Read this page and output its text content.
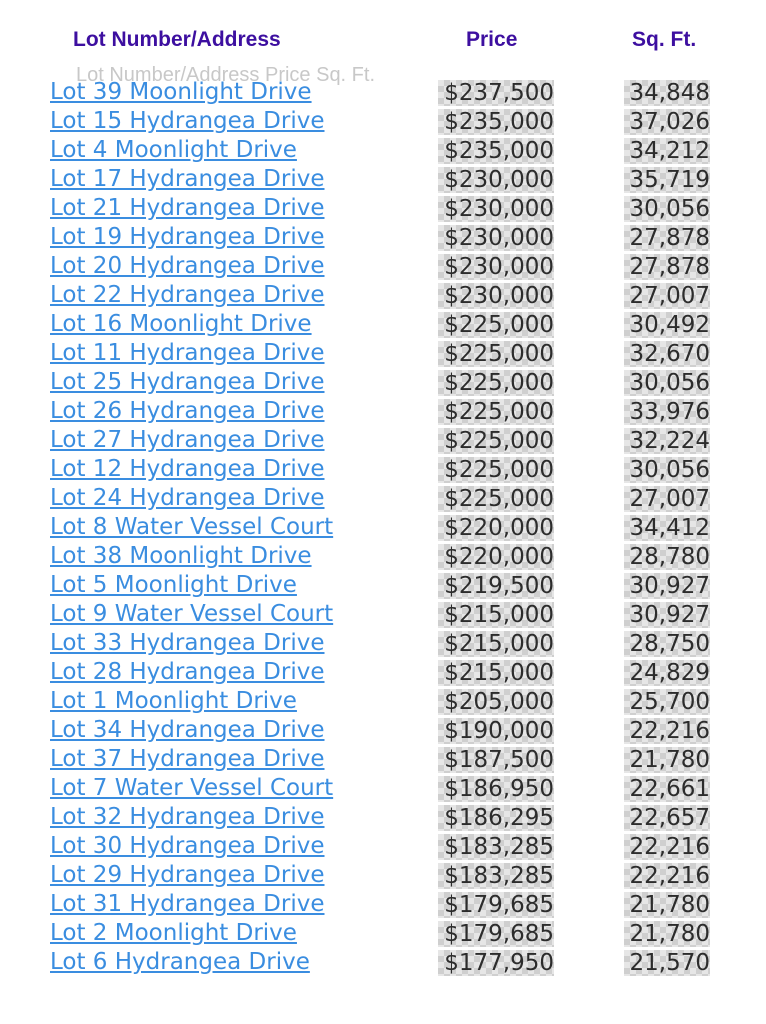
Lot Number/Address	Price	Sq. Ft.
Lot Number/Address Price Sq. Ft.
Lot 39 Moonlight Drive	$237,500	34,848
Lot 15 Hydrangea Drive	$235,000	37,026
Lot 4 Moonlight Drive	$235,000	34,212
Lot 17 Hydrangea Drive	$230,000	35,719
Lot 21 Hydrangea Drive	$230,000	30,056
Lot 19 Hydrangea Drive	$230,000	27,878
Lot 20 Hydrangea Drive	$230,000	27,878
Lot 22 Hydrangea Drive	$230,000	27,007
Lot 16 Moonlight Drive	$225,000	30,492
Lot 11 Hydrangea Drive	$225,000	32,670
Lot 25 Hydrangea Drive	$225,000	30,056
Lot 26 Hydrangea Drive	$225,000	33,976
Lot 27 Hydrangea Drive	$225,000	32,224
Lot 12 Hydrangea Drive	$225,000	30,056
Lot 24 Hydrangea Drive	$225,000	27,007
Lot 8 Water Vessel Court	$220,000	34,412
Lot 38 Moonlight Drive	$220,000	28,780
Lot 5 Moonlight Drive	$219,500	30,927
Lot 9 Water Vessel Court	$215,000	30,927
Lot 33 Hydrangea Drive	$215,000	28,750
Lot 28 Hydrangea Drive	$215,000	24,829
Lot 1 Moonlight Drive	$205,000	25,700
Lot 34 Hydrangea Drive	$190,000	22,216
Lot 37 Hydrangea Drive	$187,500	21,780
Lot 7 Water Vessel Court	$186,950	22,661
Lot 32 Hydrangea Drive	$186,295	22,657
Lot 30 Hydrangea Drive	$183,285	22,216
Lot 29 Hydrangea Drive	$183,285	22,216
Lot 31 Hydrangea Drive	$179,685	21,780
Lot 2 Moonlight Drive	$179,685	21,780
Lot 6 Hydrangea Drive	$177,950	21,570
